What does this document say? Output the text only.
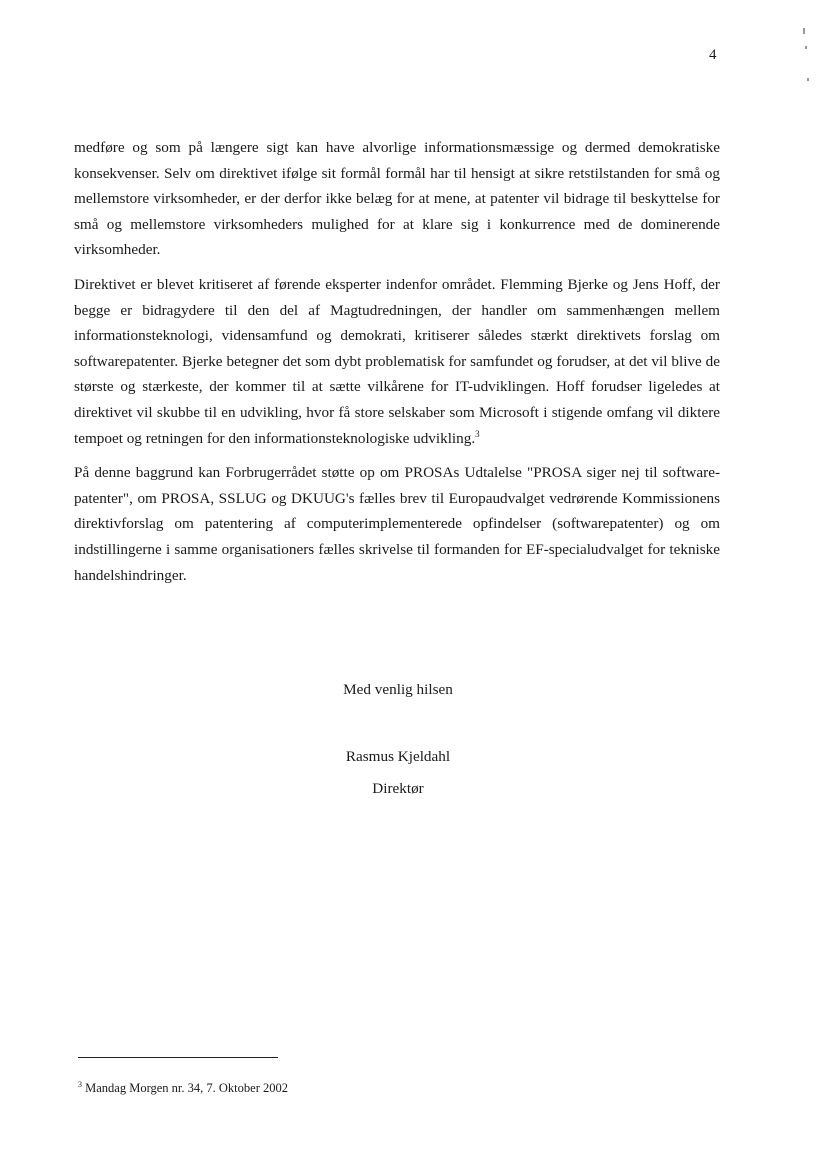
4

medføre og som på længere sigt kan have alvorlige informationsmæssige og dermed demokratiske konsekvenser. Selv om direktivet ifølge sit formål formål har til hensigt at sikre retstilstanden for små og mellemstore virksomheder, er der derfor ikke belæg for at mene, at patenter vil bidrage til beskyttelse for små og mellemstore virksomheders mulighed for at klare sig i konkurrence med de dominerende virksomheder.

Direktivet er blevet kritiseret af førende eksperter indenfor området. Flemming Bjerke og Jens Hoff, der begge er bidragydere til den del af Magtudredningen, der handler om sammenhængen mellem informationsteknologi, vidensamfund og demokrati, kritiserer således stærkt direktivets forslag om softwarepatenter. Bjerke betegner det som dybt problematisk for samfundet og forudser, at det vil blive de største og stærkeste, der kommer til at sætte vilkårene for IT-udviklingen. Hoff forudser ligeledes at direktivet vil skubbe til en udvikling, hvor få store selskaber som Microsoft i stigende omfang vil diktere tempoet og retningen for den informationsteknologiske udvikling.$^3$

På denne baggrund kan Forbrugerrådet støtte op om PROSAs Udtalelse "PROSA siger nej til software-patenter", om PROSA, SSLUG og DKUUG's fælles brev til Europaudvalget vedrørende Kommissionens direktivforslag om patentering af computerimplementerede opfindelser (softwarepatenter) og om indstillingerne i samme organisationers fælles skrivelse til formanden for EF-specialudvalget for tekniske handelshindringer.

Med venlig hilsen
Rasmus Kjeldahl
Direktør
$^3$ Mandag Morgen nr. 34, 7. Oktober 2002
